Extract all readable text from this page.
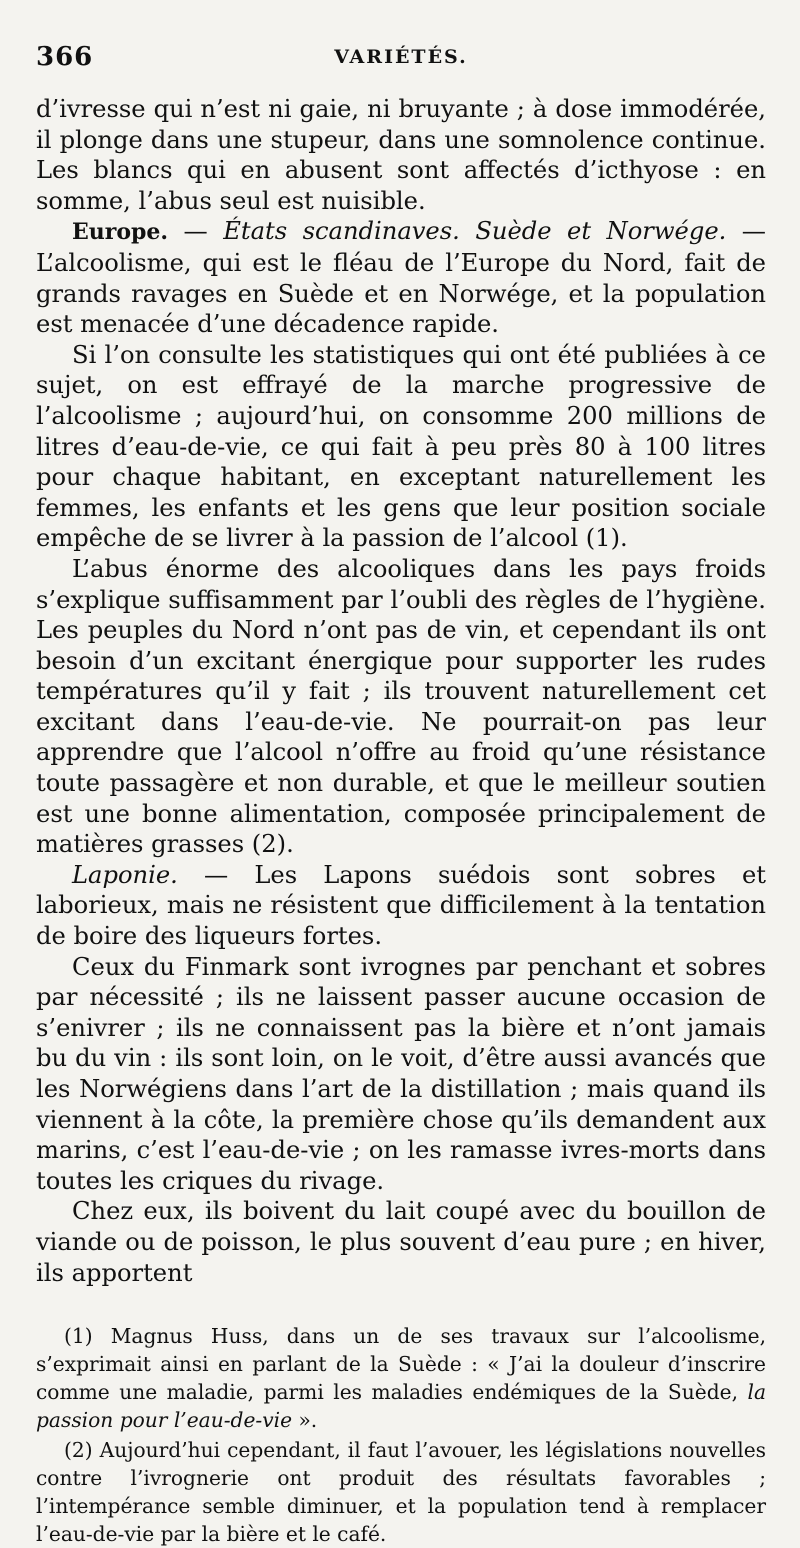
366	VARIÉTÉS.

d’ivresse qui n’est ni gaie, ni bruyante ; à dose immodérée, il plonge dans une stupeur, dans une somnolence continue. Les blancs qui en abusent sont affectés d’icthyose : en somme, l’abus seul est nuisible.

Europe. — États scandinaves. Suède et Norwége. — L’alcoolisme, qui est le fléau de l’Europe du Nord, fait de grands ravages en Suède et en Norwége, et la population est menacée d’une décadence rapide.

Si l’on consulte les statistiques qui ont été publiées à ce sujet, on est effrayé de la marche progressive de l’alcoolisme ; aujourd’hui, on consomme 200 millions de litres d’eau-de-vie, ce qui fait à peu près 80 à 100 litres pour chaque habitant, en exceptant naturellement les femmes, les enfants et les gens que leur position sociale empêche de se livrer à la passion de l’alcool (1).

L’abus énorme des alcooliques dans les pays froids s’explique suffisamment par l’oubli des règles de l’hygiène. Les peuples du Nord n’ont pas de vin, et cependant ils ont besoin d’un excitant énergique pour supporter les rudes températures qu’il y fait ; ils trouvent naturellement cet excitant dans l’eau-de-vie. Ne pourrait-on pas leur apprendre que l’alcool n’offre au froid qu’une résistance toute passagère et non durable, et que le meilleur soutien est une bonne alimentation, composée principalement de matières grasses (2).

Laponie. — Les Lapons suédois sont sobres et laborieux, mais ne résistent que difficilement à la tentation de boire des liqueurs fortes.

Ceux du Finmark sont ivrognes par penchant et sobres par nécessité ; ils ne laissent passer aucune occasion de s’enivrer ; ils ne connaissent pas la bière et n’ont jamais bu du vin : ils sont loin, on le voit, d’être aussi avancés que les Norwégiens dans l’art de la distillation ; mais quand ils viennent à la côte, la première chose qu’ils demandent aux marins, c’est l’eau-de-vie ; on les ramasse ivres-morts dans toutes les criques du rivage.

Chez eux, ils boivent du lait coupé avec du bouillon de viande ou de poisson, le plus souvent d’eau pure ; en hiver, ils apportent

(1) Magnus Huss, dans un de ses travaux sur l’alcoolisme, s’exprimait ainsi en parlant de la Suède : « J’ai la douleur d’inscrire comme une maladie, parmi les maladies endémiques de la Suède, la passion pour l’eau-de-vie ».

(2) Aujourd’hui cependant, il faut l’avouer, les législations nouvelles contre l’ivrognerie ont produit des résultats favorables ; l’intempérance semble diminuer, et la population tend à remplacer l’eau-de-vie par la bière et le café.
